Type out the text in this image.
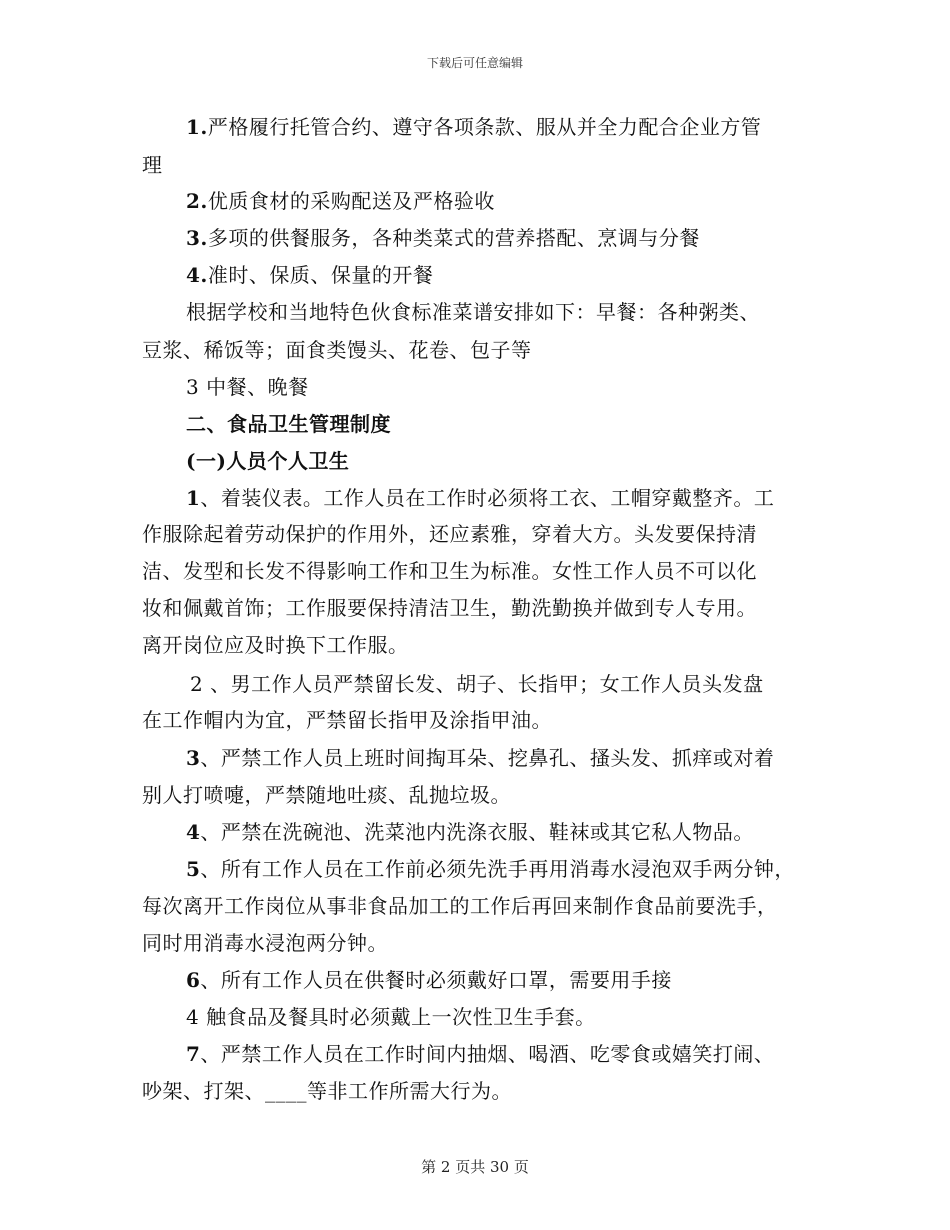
下载后可任意编辑
1.严格履行托管合约、遵守各项条款、服从并全力配合企业方管
理
2.优质食材的采购配送及严格验收
3.多项的供餐服务，各种类菜式的营养搭配、烹调与分餐
4.准时、保质、保量的开餐
根据学校和当地特色伙食标准菜谱安排如下：早餐：各种粥类、
豆浆、稀饭等；面食类馒头、花卷、包子等
3 中餐、晚餐
二、食品卫生管理制度
(一)人员个人卫生
1、着装仪表。工作人员在工作时必须将工衣、工帽穿戴整齐。工
作服除起着劳动保护的作用外，还应素雅，穿着大方。头发要保持清
洁、发型和长发不得影响工作和卫生为标准。女性工作人员不可以化
妆和佩戴首饰；工作服要保持清洁卫生，勤洗勤换并做到专人专用。
离开岗位应及时换下工作服。
2 、男工作人员严禁留长发、胡子、长指甲；女工作人员头发盘
在工作帽内为宜，严禁留长指甲及涂指甲油。
3、严禁工作人员上班时间掏耳朵、挖鼻孔、搔头发、抓痒或对着
别人打喷嚏，严禁随地吐痰、乱抛垃圾。
4、严禁在洗碗池、洗菜池内洗涤衣服、鞋袜或其它私人物品。
5、所有工作人员在工作前必须先洗手再用消毒水浸泡双手两分钟，
每次离开工作岗位从事非食品加工的工作后再回来制作食品前要洗手，
同时用消毒水浸泡两分钟。
6、所有工作人员在供餐时必须戴好口罩，需要用手接
4 触食品及餐具时必须戴上一次性卫生手套。
7、严禁工作人员在工作时间内抽烟、喝酒、吃零食或嬉笑打闹、
吵架、打架、____等非工作所需大行为。
第 2 页共 30 页
